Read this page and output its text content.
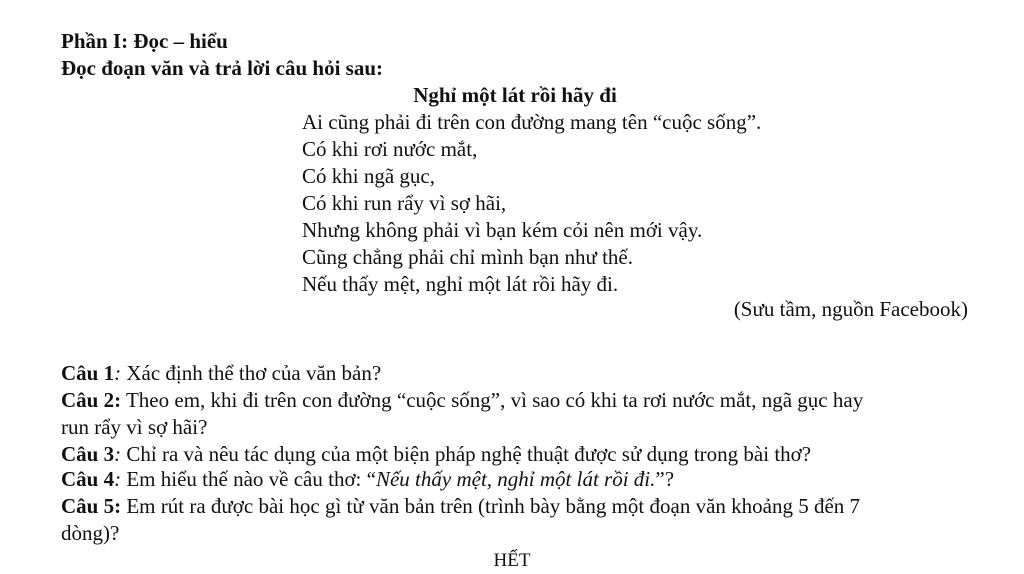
Phần I: Đọc – hiểu
Đọc đoạn văn và trả lời câu hỏi sau:
Nghỉ một lát rồi hãy đi
Ai cũng phải đi trên con đường mang tên “cuộc sống”.
Có khi rơi nước mắt,
Có khi ngã gục,
Có khi run rẩy vì sợ hãi,
Nhưng không phải vì bạn kém cỏi nên mới vậy.
Cũng chẳng phải chỉ mình bạn như thế.
Nếu thấy mệt, nghỉ một lát rồi hãy đi.
(Sưu tầm, nguồn Facebook)
Câu 1: Xác định thể thơ của văn bản?
Câu 2: Theo em, khi đi trên con đường “cuộc sống”, vì sao có khi ta rơi nước mắt, ngã gục hay
run rẩy vì sợ hãi?
Câu 3: Chỉ ra và nêu tác dụng của một biện pháp nghệ thuật được sử dụng trong bài thơ?
Câu 4: Em hiểu thế nào về câu thơ: “Nếu thấy mệt, nghỉ một lát rồi đi.”?
Câu 5: Em rút ra được bài học gì từ văn bản trên (trình bày bằng một đoạn văn khoảng 5 đến 7
dòng)?
HẾT
